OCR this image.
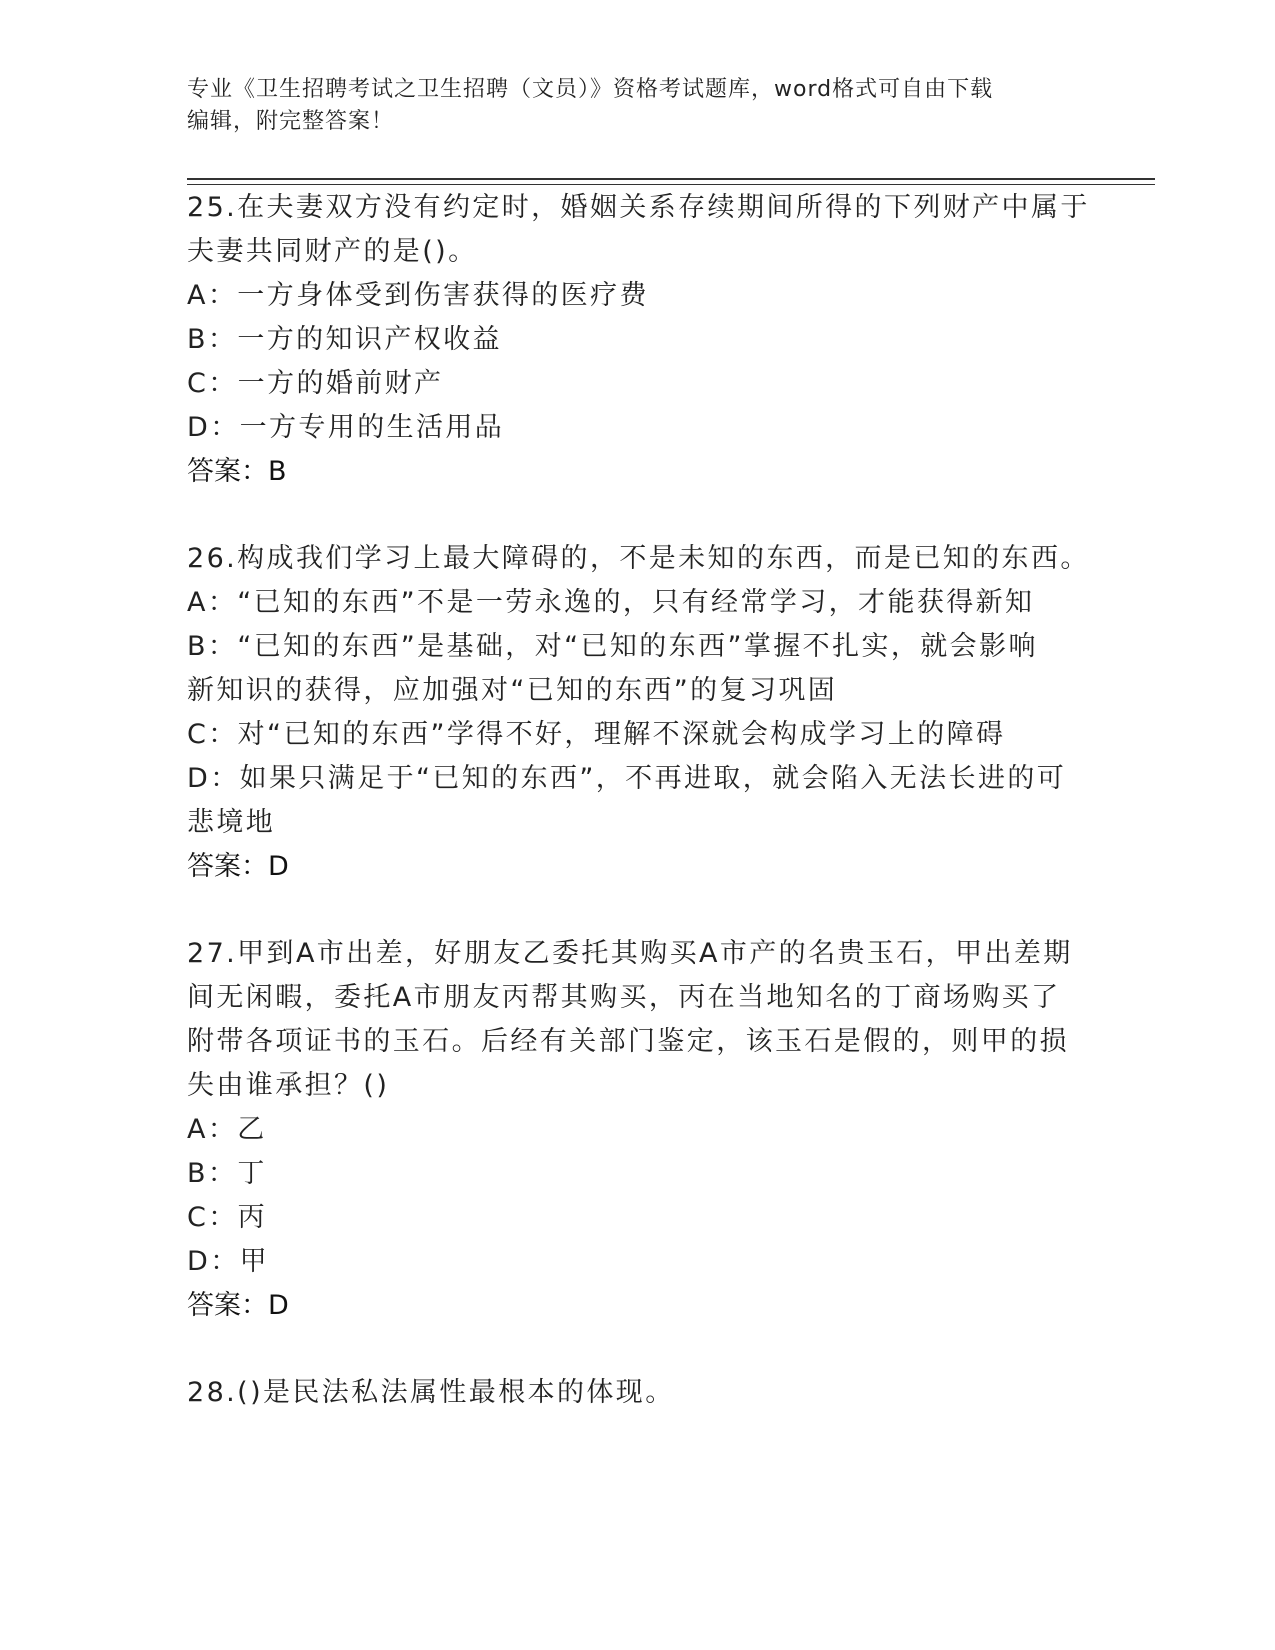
专业《卫生招聘考试之卫生招聘（文员）》资格考试题库，word格式可自由下载
编辑，附完整答案！
25.在夫妻双方没有约定时，婚姻关系存续期间所得的下列财产中属于
夫妻共同财产的是()。
A：一方身体受到伤害获得的医疗费
B：一方的知识产权收益
C：一方的婚前财产
D：一方专用的生活用品
答案：B
26.构成我们学习上最大障碍的，不是未知的东西，而是已知的东西。
A：“已知的东西”不是一劳永逸的，只有经常学习，才能获得新知
B：“已知的东西”是基础，对“已知的东西”掌握不扎实，就会影响
新知识的获得，应加强对“已知的东西”的复习巩固
C：对“已知的东西”学得不好，理解不深就会构成学习上的障碍
D：如果只满足于“已知的东西”，不再进取，就会陷入无法长进的可
悲境地
答案：D
27.甲到A市出差，好朋友乙委托其购买A市产的名贵玉石，甲出差期
间无闲暇，委托A市朋友丙帮其购买，丙在当地知名的丁商场购买了
附带各项证书的玉石。后经有关部门鉴定，该玉石是假的，则甲的损
失由谁承担？()
A：乙
B：丁
C：丙
D：甲
答案：D
28.()是民法私法属性最根本的体现。
